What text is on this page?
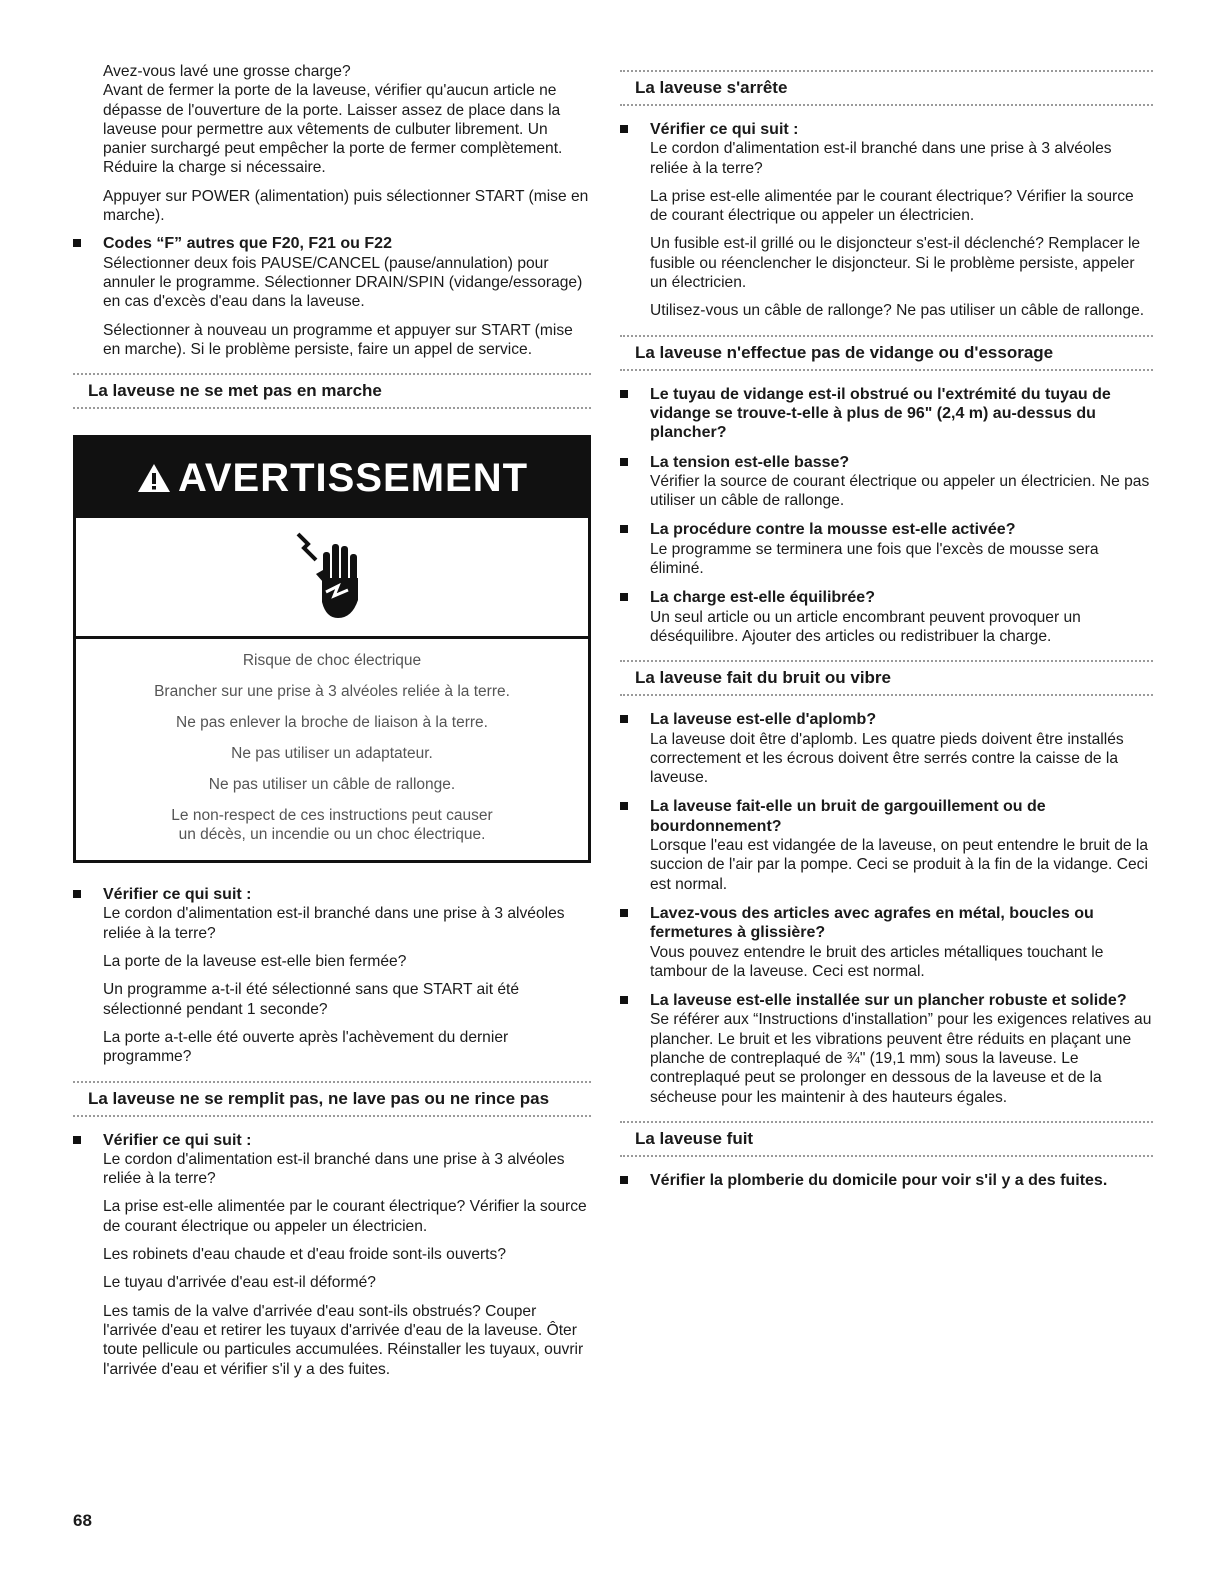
Avez-vous lavé une grosse charge?

Avant de fermer la porte de la laveuse, vérifier qu'aucun article ne dépasse de l'ouverture de la porte. Laisser assez de place dans la laveuse pour permettre aux vêtements de culbuter librement. Un panier surchargé peut empêcher la porte de fermer complètement. Réduire la charge si nécessaire.

Appuyer sur POWER (alimentation) puis sélectionner START (mise en marche).

Codes “F” autres que F20, F21 ou F22

Sélectionner deux fois PAUSE/CANCEL (pause/annulation) pour annuler le programme. Sélectionner DRAIN/SPIN (vidange/essorage) en cas d'excès d'eau dans la laveuse.

Sélectionner à nouveau un programme et appuyer sur START (mise en marche). Si le problème persiste, faire un appel de service.

La laveuse ne se met pas en marche
AVERTISSEMENT

Risque de choc électrique

Brancher sur une prise à 3 alvéoles reliée à la terre.

Ne pas enlever la broche de liaison à la terre.

Ne pas utiliser un adaptateur.

Ne pas utiliser un câble de rallonge.

Le non-respect de ces instructions peut causer
un décès, un incendie ou un choc électrique.

Vérifier ce qui suit :

Le cordon d'alimentation est-il branché dans une prise à 3 alvéoles reliée à la terre?

La porte de la laveuse est-elle bien fermée?

Un programme a-t-il été sélectionné sans que START ait été sélectionné pendant 1 seconde?

La porte a-t-elle été ouverte après l'achèvement du dernier programme?

La laveuse ne se remplit pas, ne lave pas ou ne rince pas

Vérifier ce qui suit :

Le cordon d'alimentation est-il branché dans une prise à 3 alvéoles reliée à la terre?

La prise est-elle alimentée par le courant électrique? Vérifier la source de courant électrique ou appeler un électricien.

Les robinets d'eau chaude et d'eau froide sont-ils ouverts?

Le tuyau d'arrivée d'eau est-il déformé?

Les tamis de la valve d'arrivée d'eau sont-ils obstrués? Couper l'arrivée d'eau et retirer les tuyaux d'arrivée d'eau de la laveuse. Ôter toute pellicule ou particules accumulées. Réinstaller les tuyaux, ouvrir l'arrivée d'eau et vérifier s'il y a des fuites.

La laveuse s'arrête

Vérifier ce qui suit :

Le cordon d'alimentation est-il branché dans une prise à 3 alvéoles reliée à la terre?

La prise est-elle alimentée par le courant électrique? Vérifier la source de courant électrique ou appeler un électricien.

Un fusible est-il grillé ou le disjoncteur s'est-il déclenché? Remplacer le fusible ou réenclencher le disjoncteur. Si le problème persiste, appeler un électricien.

Utilisez-vous un câble de rallonge? Ne pas utiliser un câble de rallonge.

La laveuse n'effectue pas de vidange ou d'essorage

Le tuyau de vidange est-il obstrué ou l'extrémité du tuyau de vidange se trouve-t-elle à plus de 96" (2,4 m) au-dessus du plancher?

La tension est-elle basse?

Vérifier la source de courant électrique ou appeler un électricien. Ne pas utiliser un câble de rallonge.

La procédure contre la mousse est-elle activée?

Le programme se terminera une fois que l'excès de mousse sera éliminé.

La charge est-elle équilibrée?

Un seul article ou un article encombrant peuvent provoquer un déséquilibre. Ajouter des articles ou redistribuer la charge.

La laveuse fait du bruit ou vibre

La laveuse est-elle d'aplomb?

La laveuse doit être d'aplomb. Les quatre pieds doivent être installés correctement et les écrous doivent être serrés contre la caisse de la laveuse.

La laveuse fait-elle un bruit de gargouillement ou de bourdonnement?

Lorsque l'eau est vidangée de la laveuse, on peut entendre le bruit de la succion de l'air par la pompe. Ceci se produit à la fin de la vidange. Ceci est normal.

Lavez-vous des articles avec agrafes en métal, boucles ou fermetures à glissière?

Vous pouvez entendre le bruit des articles métalliques touchant le tambour de la laveuse. Ceci est normal.

La laveuse est-elle installée sur un plancher robuste et solide?

Se référer aux “Instructions d'installation” pour les exigences relatives au plancher. Le bruit et les vibrations peuvent être réduits en plaçant une planche de contreplaqué de ¾" (19,1 mm) sous la laveuse. Le contreplaqué peut se prolonger en dessous de la laveuse et de la sécheuse pour les maintenir à des hauteurs égales.

La laveuse fuit

Vérifier la plomberie du domicile pour voir s'il y a des fuites.

68
